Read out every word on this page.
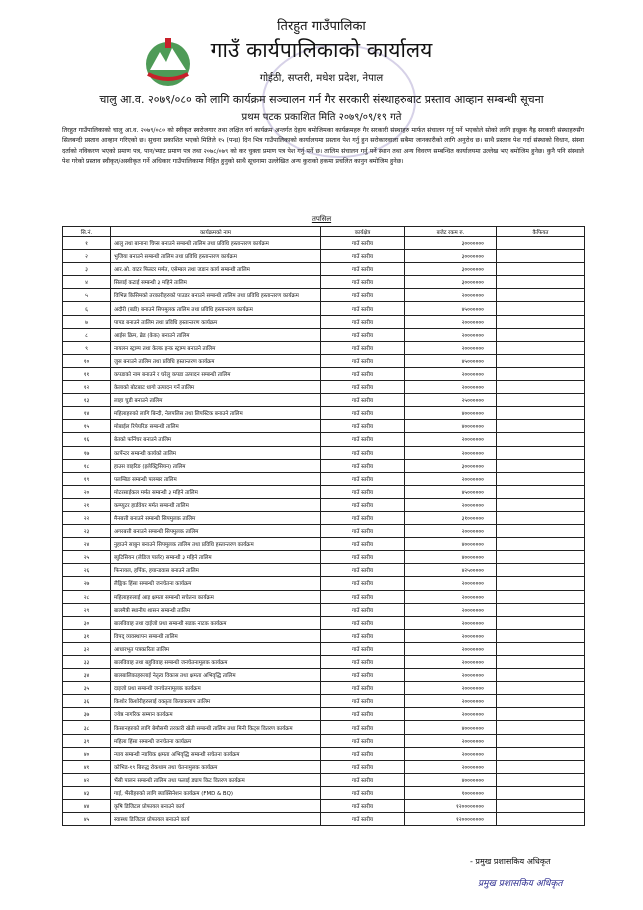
तिरहुत गाउँपालिका
गाउँ कार्यपालिकाको कार्यालय
गोईठी, सप्तरी, मधेश प्रदेश, नेपाल
चालु आ.व. २०७९/०८० को लागि कार्यक्रम सञ्चालन गर्न गैर सरकारी संस्थाहरुबाट प्रस्ताव आव्हान सम्बन्धी सूचना
प्रथम पटक प्रकाशित मिति २०७९/०९/१९ गते
तिरहुत गाउँपालिकाको चालु आ.व. २०७९/०८० को स्वीकृत स्वरोजगार तथा लक्षित वर्ग कार्यक्रम अन्तर्गत देहाय बमोजिमका कार्यक्रमहरु गैर सरकारी संस्थाहरु मार्फत संचालन गर्नु पर्ने भएकोले सोको लागि इच्छुक गैह्र सरकारी संस्थाहरुसँग सिलबन्दी प्रस्ताव आव्हान गरिएको छ। सुचना प्रकाशित भएको मितिले १५ (पन्ध्र) दिन भित्र गाउँपालिकाको कार्यालयमा प्रस्ताव पेश गर्नु हुन सरोकारवाला सबैमा जानकारीको लागि अनुरोध छ। साथै प्रस्ताव पेश गर्दा संस्थाको विधान, संस्था दर्ताको नविकरण भएको प्रमाण पत्र, पान/भ्याट प्रमाण पत्र तथा २०७८/०७९ को कर चुक्ता प्रमाण पत्र पेश गर्नु पर्ने छ। तालिम संचालन गर्नु पर्ने स्थान तथा अन्य विवरण सम्बन्धित कार्यालयमा उल्लेख भए बमोजिम हुनेछ। कुनै पनि संस्थाले पेश गरेको प्रस्ताव स्वीकृत/अस्वीकृत गर्ने अधिकार गाउँपालिकामा निहित हुनुको साथै सूचनामा उल्लेखित अन्य कुराको हकमा प्रचलित कानुन बमोजिम हुनेछ।
तपसिल
सि.नं.	कार्यक्रमको नाम	कार्यक्षेत्र	बजेट रकम रु.	कैफियत
१	आलु तथा बानाना चिप्स बनाउने सम्बन्धी तालिम तथा प्रविधि हस्तान्तरण कार्यक्रम	गाउँ स्तरीय	३०००००००	
२	भुजिया बनाउने सम्बन्धी तालिम तथा प्रविधि हस्तान्तरण कार्यक्रम	गाउँ स्तरीय	३०००००००	
३	आर.ओ. वाटर फिल्टर मर्मत, एसेम्बल तथा जडान कार्य सम्बन्धी तालिम	गाउँ स्तरीय	३०००००००	
४	सिलाई कटाई सम्बन्धी ३ महिने तालिम	गाउँ स्तरीय	३०००००००	
५	विभिन्न किसिमको तरकारीहरुको पाउडर बनाउने सम्बन्धी तालिम तथा प्रविधि हस्तान्तरण कार्यक्रम	गाउँ स्तरीय	२०००००००	
६	अदौरी (बडी) बनाउने सिपमूलक तालिम तथा प्रविधि हस्तान्तरण कार्यक्रम	गाउँ स्तरीय	४५००००००	
७	पापड बनाउने तालिम तथा प्रविधि हस्तान्तरण कार्यक्रम	गाउँ स्तरीय	२०००००००	
८	आईस क्रिम, ब्रेड (केक) बनाउने तालिम	गाउँ स्तरीय	२०००००००	
९	नायलन स्ट्राम्प तथा केल्क इन्क स्ट्राम्प बनाउने तालिम	गाउँ स्तरीय	२०००००००	
१०	जुस बनाउने तालिम तथा प्रविधि हस्तान्तरण कार्यक्रम	गाउँ स्तरीय	४५००००००	
११	कपडाको नाम बनाउने र घरेलु कपडा उत्पादन सम्बन्धी तालिम	गाउँ स्तरीय	२०००००००	
१२	केलाको बोटबाट धागो उत्पादन गर्ने तालिम	गाउँ स्तरीय	२०००००००	
१३	लाहा चुडी बनाउने तालिम	गाउँ स्तरीय	२५००००००	
१४	महिलाहरुको लागि बिन्दी, नेलपलिस तथा लिपस्टिक बनाउने तालिम	गाउँ स्तरीय	४०००००००	
१५	मोबाईल रिपेयरिङ सम्बन्धी तालिम	गाउँ स्तरीय	४०००००००	
१६	बेतको फर्निचर बनाउने तालिम	गाउँ स्तरीय	२०००००००	
१७	कार्पेन्टर सम्बन्धी कार्यको तालिम	गाउँ स्तरीय	२०००००००	
१८	हाउस वाइरिङ (इलेक्ट्रिसियन) तालिम	गाउँ स्तरीय	३०००००००	
१९	पलम्बिङ सम्बन्धी पलम्बर तालिम	गाउँ स्तरीय	२०००००००	
२०	मोटरसाईकल मर्मत सम्बन्धी ३ महिने तालिम	गाउँ स्तरीय	४५००००००	
२१	कम्प्युटर हार्डवेयर मर्मत सम्बन्धी तालिम	गाउँ स्तरीय	२०००००००	
२२	मैनबत्ती बनाउने सम्बन्धी सिपमुलक तालिम	गाउँ स्तरीय	३१००००००	
२३	अगरबत्ती बनाउने सम्बन्धी सिपमुलक तालिम	गाउँ स्तरीय	२०००००००	
२४	नुहाउने साबुन बनाउने सिपमुलक तालिम तथा प्रविधि हस्तान्तरण कार्यक्रम	गाउँ स्तरीय	४०००००००	
२५	ब्युटिसियन (लेडिज पार्लर) सम्बन्धी ३ महिने तालिम	गाउँ स्तरीय	४०००००००	
२६	फिनायल, हर्पिक, हयान्डवास बनाउने तालिम	गाउँ स्तरीय	४२५०००००	
२७	लैङ्गिक हिंसा सम्बन्धी जनचेतना कार्यक्रम	गाउँ स्तरीय	२०००००००	
२८	महिलाहरुलाई आइ क्षमता सम्बन्धी सचेतना कार्यक्रम	गाउँ स्तरीय	२०००००००	
२९	बालमैत्री स्थानीय शासन सम्बन्धी तालिम	गाउँ स्तरीय	२०००००००	
३०	बालविवाह तथा दाईजो प्रथा सम्बन्धी सडक नाटक कार्यक्रम	गाउँ स्तरीय	२०००००००	
३१	विपद् व्यवस्थापन सम्बन्धी तालिम	गाउँ स्तरीय	२०००००००	
३२	आधारभूत पत्रकारिता तालिम	गाउँ स्तरीय	२०००००००	
३३	बालविवाह तथा बहुविवाह सम्बन्धी जनचेतनामूलक कार्यक्रम	गाउँ स्तरीय	२०००००००	
३४	बालबालिकाहरुलाई नेतृत्व विकास तथा क्षमता अभिवृद्धि तालिम	गाउँ स्तरीय	२०००००००	
३५	दाइजो प्रथा सम्बन्धी जनचेतनामूलक कार्यक्रम	गाउँ स्तरीय	२०००००००	
३६	किशोर किशोरीहरुलाई वक्तृत्व कियाकलाप तालिम	गाउँ स्तरीय	२०००००००	
३७	ज्येष्ठ नागरिक सम्मान कार्यक्रम	गाउँ स्तरीय	२०००००००	
३८	किसानहरुको लागि बेमौसमी तरकारी खेती सम्बन्धी तालिम तथा मिनी किट्स वितरण कार्यक्रम	गाउँ स्तरीय	४०००००००	
३९	महिला हिंसा सम्बन्धी जनचेतना कार्यक्रम	गाउँ स्तरीय	२०००००००	
४०	न्याय सम्बन्धी न्यायिक क्षमता अभिवृद्धि सम्बन्धी सचेतना कार्यक्रम	गाउँ स्तरीय	२०००००००	
४१	कोभिड-१९ बिरुद्ध रोकथाम तथा चेतनामुलक कार्यक्रम	गाउँ स्तरीय	२०००००००	
४२	भैंसी पालन सम्बन्धी तालिम तथा फलाई ड्याप किट वितरण कार्यक्रम	गाउँ स्तरीय	४०००००००	
४३	गाई, भैंसीहरुको लागि ब्याक्सिनेशन कार्यक्रम (FMD & BQ)	गाउँ स्तरीय	१०००००००	
४४	कृषि डिजिटल प्रोफायल बनाउने कार्य	गाउँ स्तरीय	१२००००००००	
४५	स्वास्थ्य डिजिटल प्रोफायल बनाउने कार्य	गाउँ स्तरीय	१२००००००००	
- प्रमुख प्रशासकिय अधिकृत
प्रमुख प्रशासकिय अधिकृत
